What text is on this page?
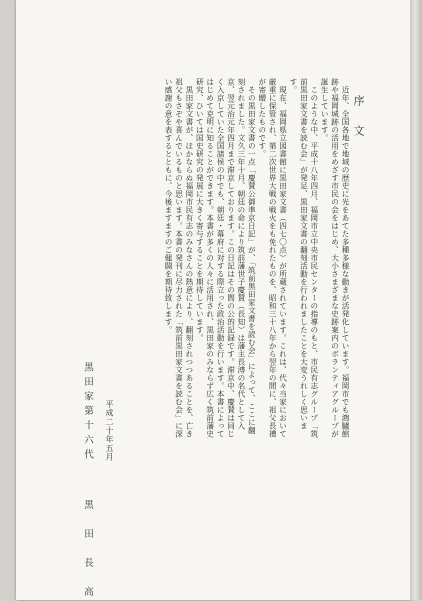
序　文

近年、全国各地で地域の歴史に光をあてた多種多様な動きが活発化しています。福岡市でも鴻臚館跡や福岡城跡の活用をめざす市民の会をはじめ、大小さまざまな史跡案内のボランティアグループが誕生しています。

このような中、平成十八年四月、福岡市立中央市民センターの指導のもと、市民有志グループ「筑前黒田家文書を読む会」が発足、黒田家文書の翻刻活動を行われましたことを大変うれしく思います。

現在、福岡県立図書館に黒田家文書（四七〇点）が所蔵されています。これは、代々当家において厳重に保管され、第二次世界大戦の戦火をも免れたものを、昭和三十八年から翌年の間に、祖父長禮が寄贈したものです。

その黒田家文書の一点「慶賛公御凖京日記」が、「筑前黒田家文書を読む会」によって、ここに翻刻されました。文久三年十月、朝廷の命により筑前藩世子慶賛（長知）は藩主長溥の名代として入京、翌元治元年四月まで滞京しております。この日記はその間の公的記録です。滞京中、慶賛は同じく入京していた全国諸侯の中でも、朝廷・幕府に対する際立った政治活動を行います。本書によってはじめて克明に知ることができます。本書が多くの人々に活用され、黒田家のみならず広く筑前藩史研究、ひいては国史研究の発展に大きく寄与することを期待しています。

黒田家文書が、ほかならぬ福岡市民有志のみなさんの熱意により、翻刻されつつあることを、亡き祖父もさぞや喜んでいるものと思います。本書の発刊に尽力された「筑前黒田家文書を読む会」に深い感謝の意を表するとともに、今後ますますのご健闘を期待致します。

平成二十年五月
黒田家第十六代黒　田　長　高
